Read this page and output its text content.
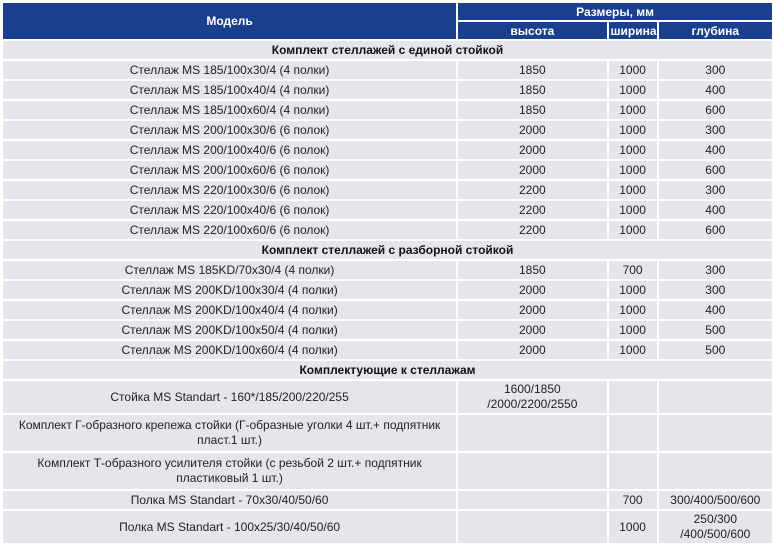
Модель	Размеры, мм		
	высота	ширина	глубина
Комплект стеллажей с единой стойкой			
Стеллаж MS 185/100x30/4 (4 полки)	1850	1000	300
Стеллаж MS 185/100x40/4 (4 полки)	1850	1000	400
Стеллаж MS 185/100x60/4 (4 полки)	1850	1000	600
Стеллаж MS 200/100x30/6 (6 полок)	2000	1000	300
Стеллаж MS 200/100x40/6 (6 полок)	2000	1000	400
Стеллаж MS 200/100x60/6 (6 полок)	2000	1000	600
Стеллаж MS 220/100x30/6 (6 полок)	2200	1000	300
Стеллаж MS 220/100x40/6 (6 полок)	2200	1000	400
Стеллаж MS 220/100x60/6 (6 полок)	2200	1000	600
Комплект стеллажей с разборной стойкой			
Стеллаж MS 185KD/70x30/4 (4 полки)	1850	700	300
Стеллаж MS 200KD/100x30/4 (4 полки)	2000	1000	300
Стеллаж MS 200KD/100x40/4 (4 полки)	2000	1000	400
Стеллаж MS 200KD/100x50/4 (4 полки)	2000	1000	500
Стеллаж MS 200KD/100x60/4 (4 полки)	2000	1000	500
Комплектующие к стеллажам			
Стойка MS Standart - 160*/185/200/220/255	1600/1850
/2000/2200/2550		
Комплект Г-образного крепежа стойки (Г-образные уголки 4 шт.+ подпятник
пласт.1 шт.)			
Комплект Т-образного усилителя стойки (с резьбой 2 шт.+ подпятник
пластиковый 1 шт.)			
Полка MS Standart - 70x30/40/50/60		700	300/400/500/600
Полка MS Standart - 100x25/30/40/50/60		1000	250/300
/400/500/600
